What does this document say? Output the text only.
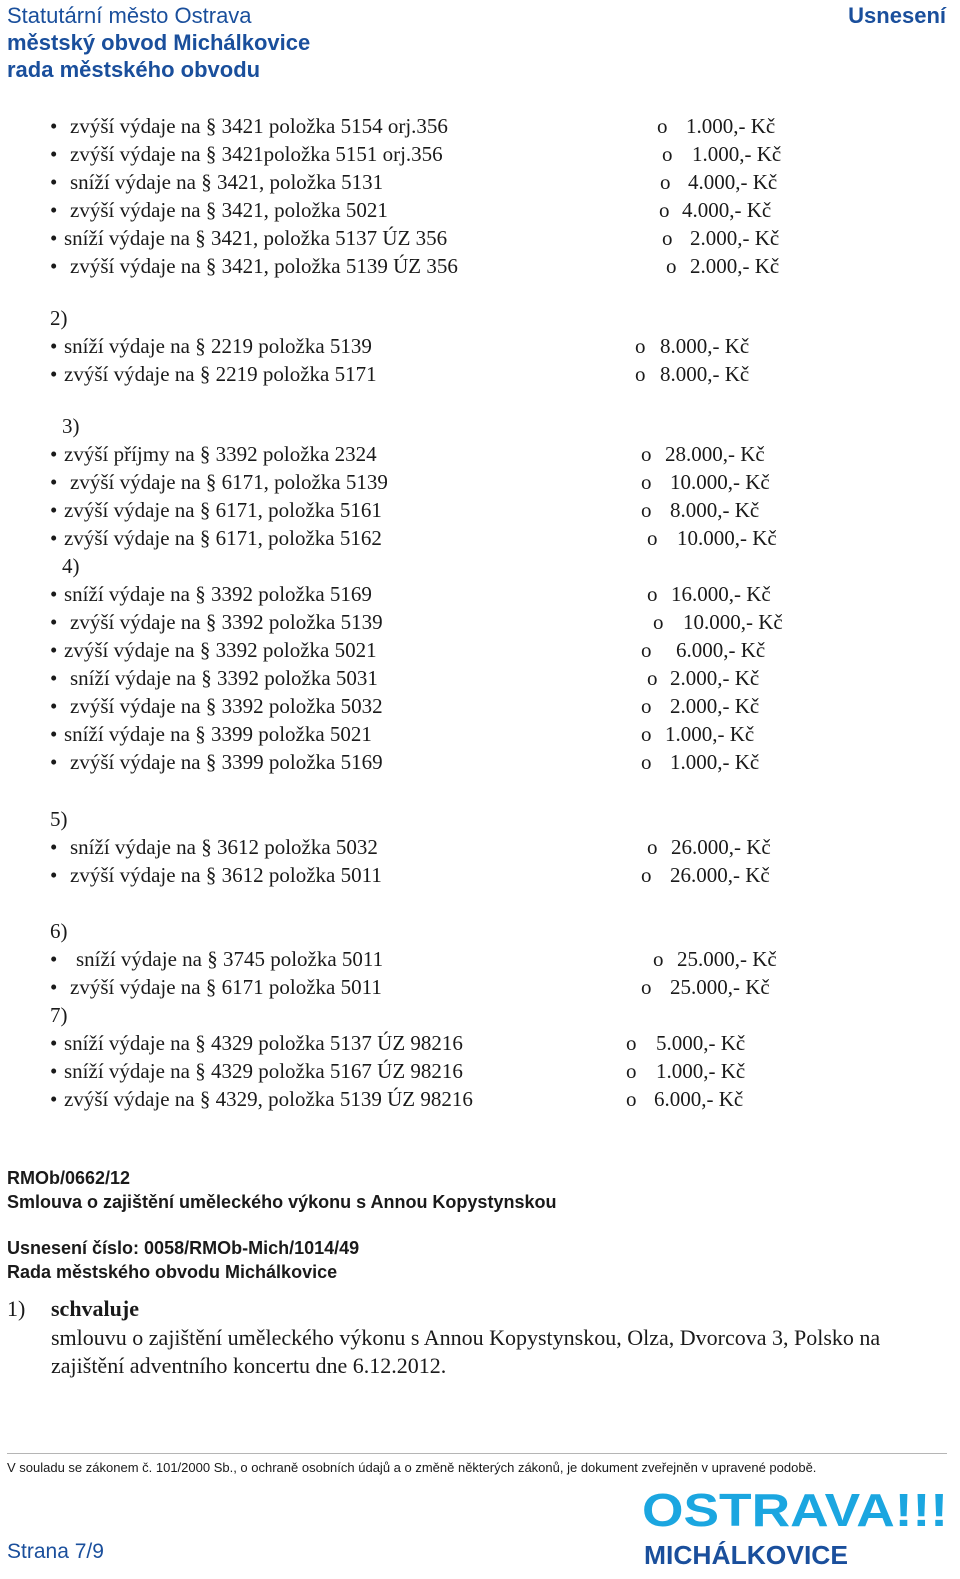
Statutární město Ostrava
městský obvod Michálkovice
rada městského obvodu
Usnesení
• zvýší výdaje na § 3421 položka 5154 orj.356	o 1.000,- Kč
• zvýší výdaje na § 3421položka 5151 orj.356	o 1.000,- Kč
• sníží výdaje na § 3421, položka 5131	o 4.000,- Kč
• zvýší výdaje na § 3421, položka 5021	o 4.000,- Kč
• sníží výdaje na § 3421, položka 5137 ÚZ 356	o 2.000,- Kč
• zvýší výdaje na § 3421, položka 5139 ÚZ 356	o 2.000,- Kč
2)
• sníží výdaje na § 2219 položka 5139	o 8.000,- Kč
• zvýší výdaje na § 2219 položka 5171	o 8.000,- Kč
3)
• zvýší příjmy na § 3392 položka 2324	o 28.000,- Kč
• zvýší výdaje na § 6171, položka 5139	o 10.000,- Kč
• zvýší výdaje na § 6171, položka 5161	o 8.000,- Kč
• zvýší výdaje na § 6171, položka 5162	o 10.000,- Kč
4)
• sníží výdaje na § 3392 položka 5169	o 16.000,- Kč
• zvýší výdaje na § 3392 položka 5139	o 10.000,- Kč
• zvýší výdaje na § 3392 položka 5021	o 6.000,- Kč
• sníží výdaje na § 3392 položka 5031	o 2.000,- Kč
• zvýší výdaje na § 3392 položka 5032	o 2.000,- Kč
• sníží výdaje na § 3399 položka 5021	o 1.000,- Kč
• zvýší výdaje na § 3399 položka 5169	o 1.000,- Kč
5)
• sníží výdaje na § 3612 položka 5032	o 26.000,- Kč
• zvýší výdaje na § 3612 položka 5011	o 26.000,- Kč
6)
• sníží výdaje na § 3745 položka 5011	o 25.000,- Kč
• zvýší výdaje na § 6171 položka 5011	o 25.000,- Kč
7)
• sníží výdaje na § 4329 položka 5137 ÚZ 98216	o 5.000,- Kč
• sníží výdaje na § 4329 položka 5167 ÚZ 98216	o 1.000,- Kč
• zvýší výdaje na § 4329, položka 5139 ÚZ 98216	o 6.000,- Kč
RMOb/0662/12
Smlouva o zajištění uměleckého výkonu s Annou Kopystynskou
Usnesení číslo: 0058/RMOb-Mich/1014/49
Rada městského obvodu Michálkovice
1) schvaluje
smlouvu o zajištění uměleckého výkonu s Annou Kopystynskou, Olza, Dvorcova 3, Polsko na zajištění adventního koncertu dne 6.12.2012.
V souladu se zákonem č. 101/2000 Sb., o ochraně osobních údajů a o změně některých zákonů, je dokument zveřejněn v upravené podobě.
Strana 7/9
OSTRAVA!!!
MICHÁLKOVICE
